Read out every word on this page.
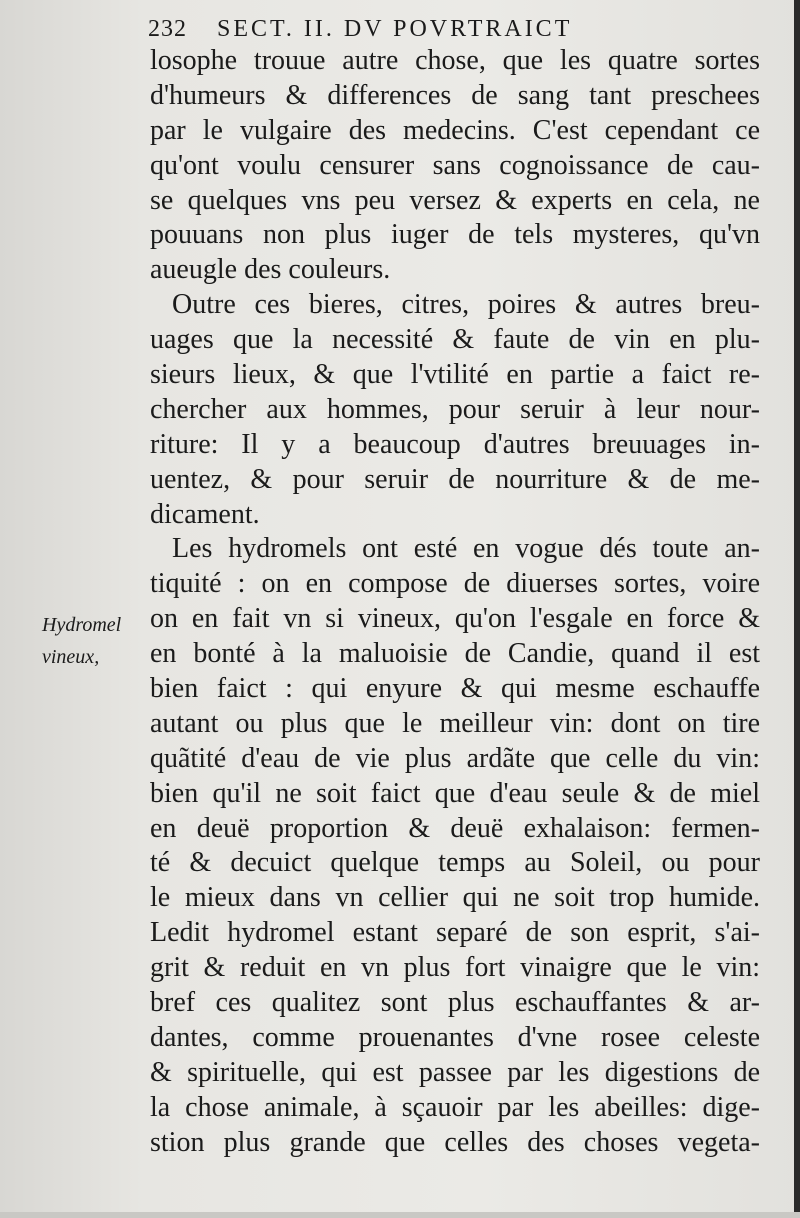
232 SECT. II. DV POVRTRAICT
Hydromel
vineux,
losophe trouue autre chose, que les quatre sortes
d'humeurs & differences de sang tant preschees
par le vulgaire des medecins. C'est cependant ce
qu'ont voulu censurer sans cognoissance de cau-
se quelques vns peu versez & experts en cela, ne
pouuans non plus iuger de tels mysteres, qu'vn
aueugle des couleurs.
Outre ces bieres, citres, poires & autres breu-
uages que la necessité & faute de vin en plu-
sieurs lieux, & que l'vtilité en partie a faict re-
chercher aux hommes, pour seruir à leur nour-
riture: Il y a beaucoup d'autres breuuages in-
uentez, & pour seruir de nourriture & de me-
dicament.
Les hydromels ont esté en vogue dés toute an-
tiquité : on en compose de diuerses sortes, voire
on en fait vn si vineux, qu'on l'esgale en force &
en bonté à la maluoisie de Candie, quand il est
bien faict : qui enyure & qui mesme eschauffe
autant ou plus que le meilleur vin: dont on tire
quãtité d'eau de vie plus ardãte que celle du vin:
bien qu'il ne soit faict que d'eau seule & de miel
en deuë proportion & deuë exhalaison: fermen-
té & decuict quelque temps au Soleil, ou pour
le mieux dans vn cellier qui ne soit trop humide.
Ledit hydromel estant separé de son esprit, s'ai-
grit & reduit en vn plus fort vinaigre que le vin:
bref ces qualitez sont plus eschauffantes & ar-
dantes, comme prouenantes d'vne rosee celeste
& spirituelle, qui est passee par les digestions de
la chose animale, à sçauoir par les abeilles: dige-
stion plus grande que celles des choses vegeta-
